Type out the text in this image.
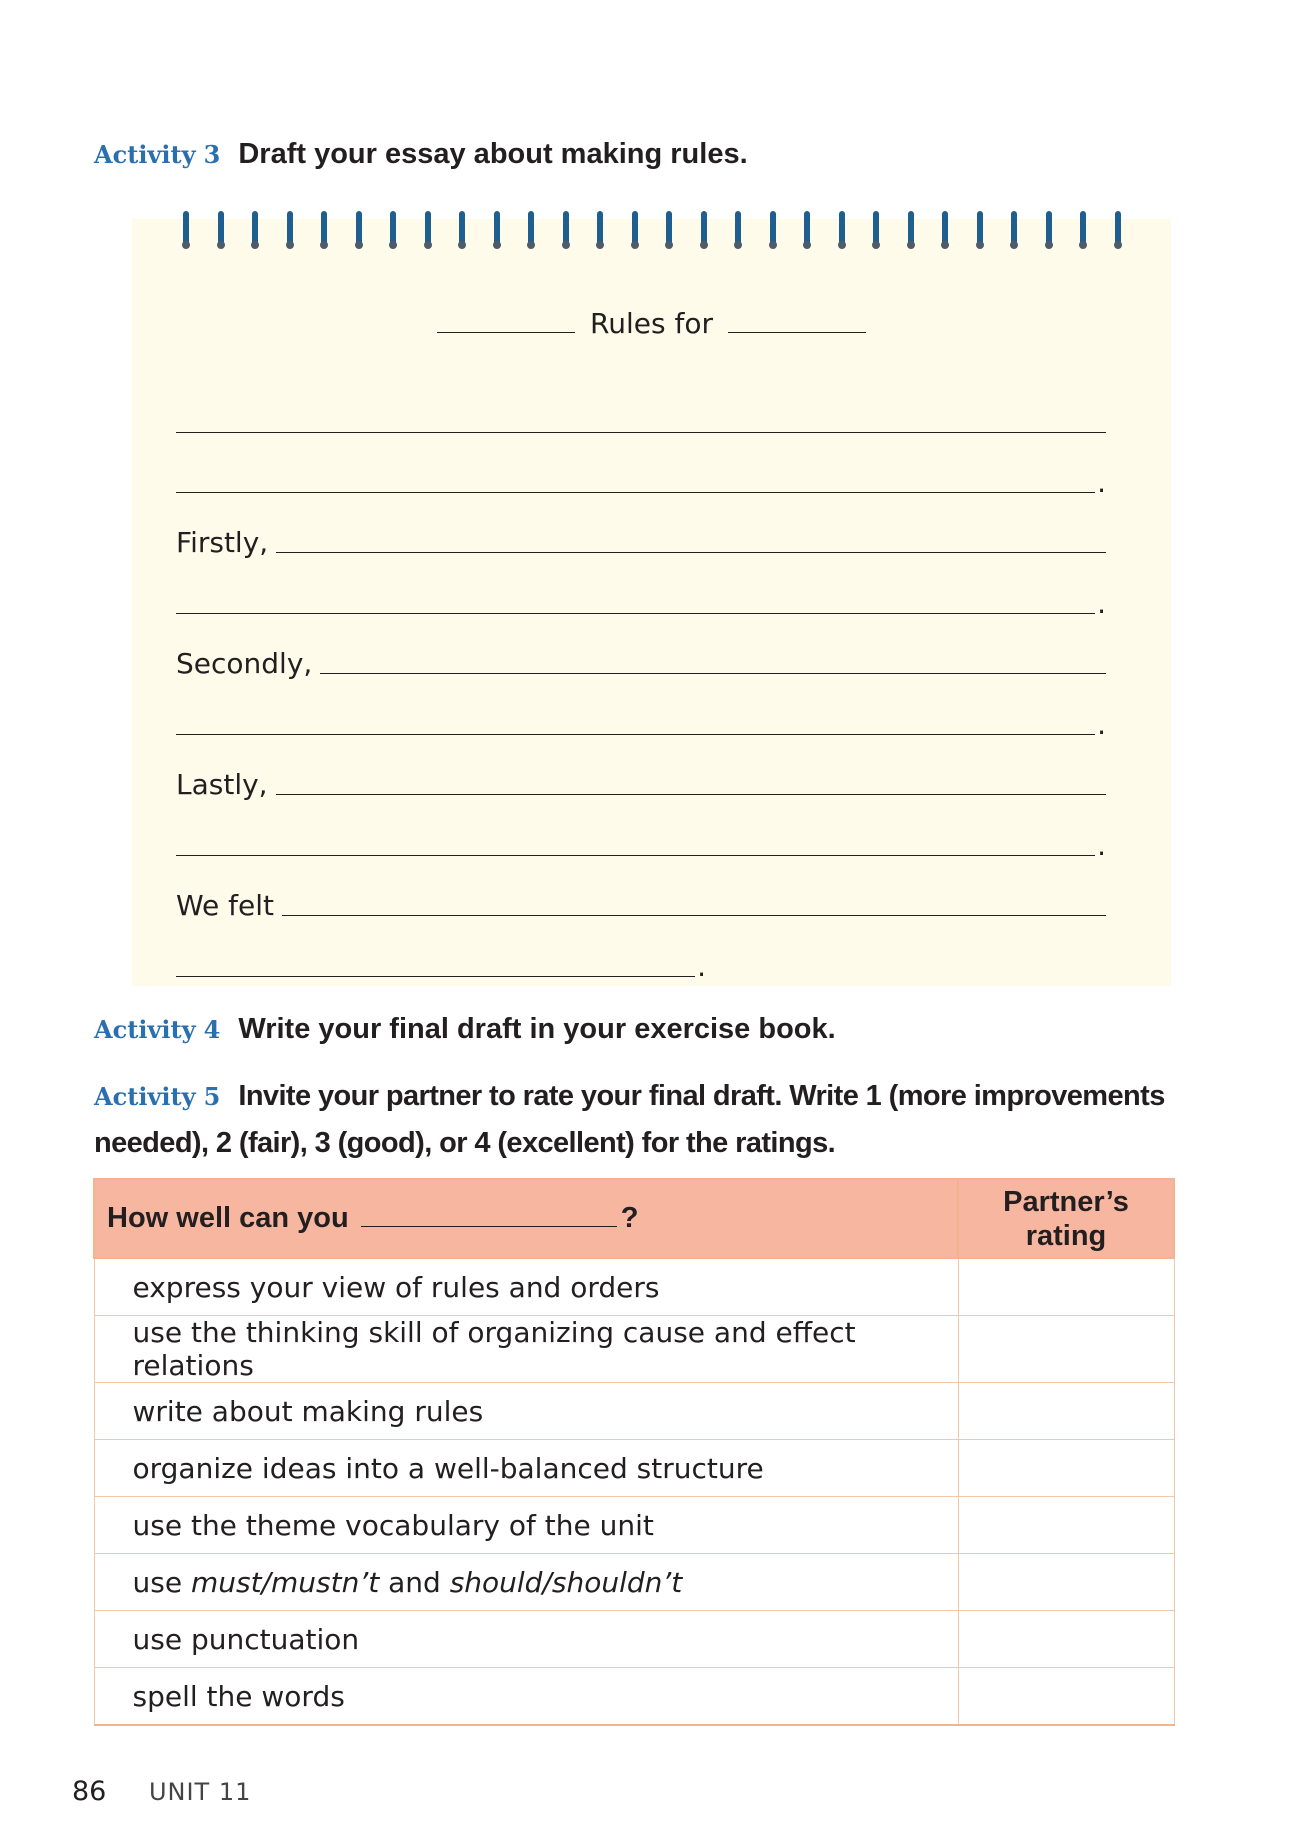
Activity 3 Draft your essay about making rules.
Rules for
.
Firstly,
.
Secondly,
.
Lastly,
.
We felt
.
Activity 4 Write your final draft in your exercise book.
Activity 5 Invite your partner to rate your final draft. Write 1 (more improvements needed), 2 (fair), 3 (good), or 4 (excellent) for the ratings.
How well can you ?	Partner’s rating
express your view of rules and orders	
use the thinking skill of organizing cause and effect relations	
write about making rules	
organize ideas into a well-balanced structure	
use the theme vocabulary of the unit	
use must/mustn’t and should/shouldn’t	
use punctuation	
spell the words	
86 UNIT 11
